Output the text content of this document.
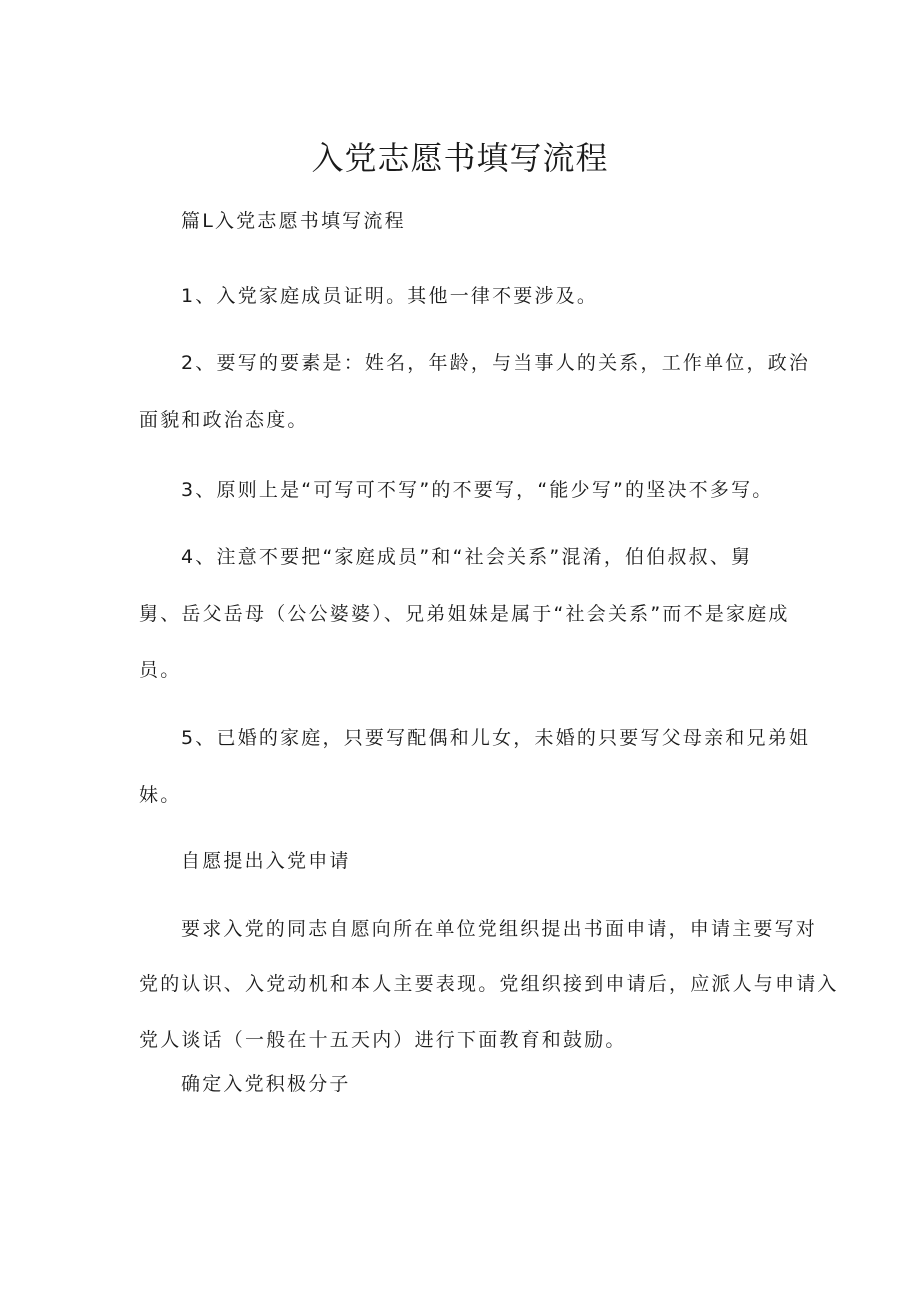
入党志愿书填写流程

篇L入党志愿书填写流程

1、入党家庭成员证明。其他一律不要涉及。

2、要写的要素是：姓名，年龄，与当事人的关系，工作单位，政治

面貌和政治态度。

3、原则上是“可写可不写”的不要写，“能少写”的坚决不多写。

4、注意不要把“家庭成员”和“社会关系”混淆，伯伯叔叔、舅

舅、岳父岳母（公公婆婆）、兄弟姐妹是属于“社会关系”而不是家庭成

员。

5、已婚的家庭，只要写配偶和儿女，未婚的只要写父母亲和兄弟姐

妹。

自愿提出入党申请

要求入党的同志自愿向所在单位党组织提出书面申请，申请主要写对

党的认识、入党动机和本人主要表现。党组织接到申请后，应派人与申请入

党人谈话（一般在十五天内）进行下面教育和鼓励。

确定入党积极分子
